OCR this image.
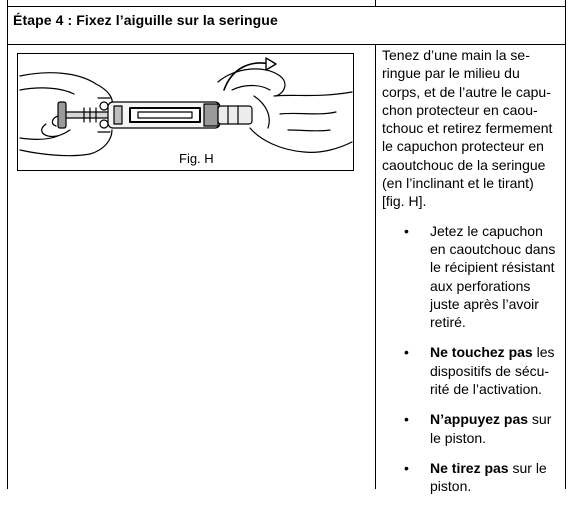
Étape 4 : Fixez l’aiguille sur la seringue
Fig. H

Tenez d’une main la se-
ringue par le milieu du
corps, et de l’autre le capu-
chon protecteur en caou-
tchouc et retirez fermement
le capuchon protecteur en
caoutchouc de la seringue
(en l’inclinant et le tirant)
[fig. H].

• Jetez le capuchon
en caoutchouc dans
le récipient résistant
aux perforations
juste après l’avoir
retiré.
• Ne touchez pas les
dispositifs de sécu-
rité de l’activation.
• N’appuyez pas sur
le piston.
• Ne tirez pas sur le
piston.
